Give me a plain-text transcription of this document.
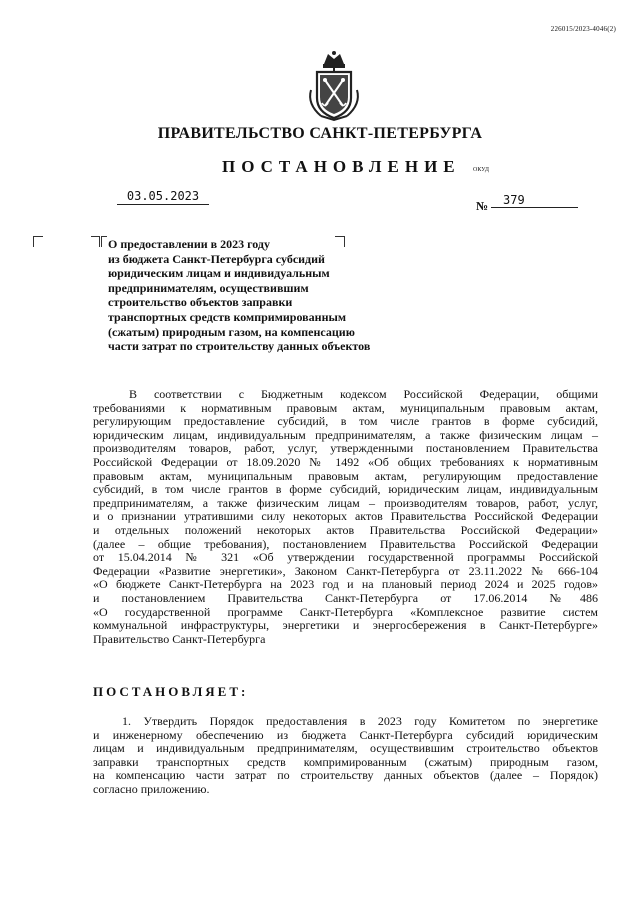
226015/2023-4046(2)
ПРАВИТЕЛЬСТВО САНКТ-ПЕТЕРБУРГА
ПОСТАНОВЛЕНИЕ ОКУД
03.05.2023
№	379
О предоставлении в 2023 году
из бюджета Санкт-Петербурга субсидий
юридическим лицам и индивидуальным
предпринимателям, осуществившим
строительство объектов заправки
транспортных средств компримированным
(сжатым) природным газом, на компенсацию
части затрат по строительству данных объектов
В соответствии с Бюджетным кодексом Российской Федерации, общими
требованиями к нормативным правовым актам, муниципальным правовым актам,
регулирующим предоставление субсидий, в том числе грантов в форме субсидий,
юридическим лицам, индивидуальным предпринимателям, а также физическим лицам –
производителям товаров, работ, услуг, утвержденными постановлением Правительства
Российской Федерации от 18.09.2020 № 1492 «Об общих требованиях к нормативным
правовым актам, муниципальным правовым актам, регулирующим предоставление
субсидий, в том числе грантов в форме субсидий, юридическим лицам, индивидуальным
предпринимателям, а также физическим лицам – производителям товаров, работ, услуг,
и о признании утратившими силу некоторых актов Правительства Российской Федерации
и отдельных положений некоторых актов Правительства Российской Федерации»
(далее – общие требования), постановлением Правительства Российской Федерации
от 15.04.2014 № 321 «Об утверждении государственной программы Российской
Федерации «Развитие энергетики», Законом Санкт-Петербурга от 23.11.2022 № 666-104
«О бюджете Санкт-Петербурга на 2023 год и на плановый период 2024 и 2025 годов»
и постановлением Правительства Санкт-Петербурга от 17.06.2014 №486
«О государственной программе Санкт-Петербурга «Комплексное развитие систем
коммунальной инфраструктуры, энергетики и энергосбережения в Санкт-Петербурге»
Правительство Санкт-Петербурга
ПОСТАНОВЛЯЕТ:
1. Утвердить Порядок предоставления в 2023 году Комитетом по энергетике
и инженерному обеспечению из бюджета Санкт-Петербурга субсидий юридическим
лицам и индивидуальным предпринимателям, осуществившим строительство объектов
заправки транспортных средств компримированным (сжатым) природным газом,
на компенсацию части затрат по строительству данных объектов (далее – Порядок)
согласно приложению.
